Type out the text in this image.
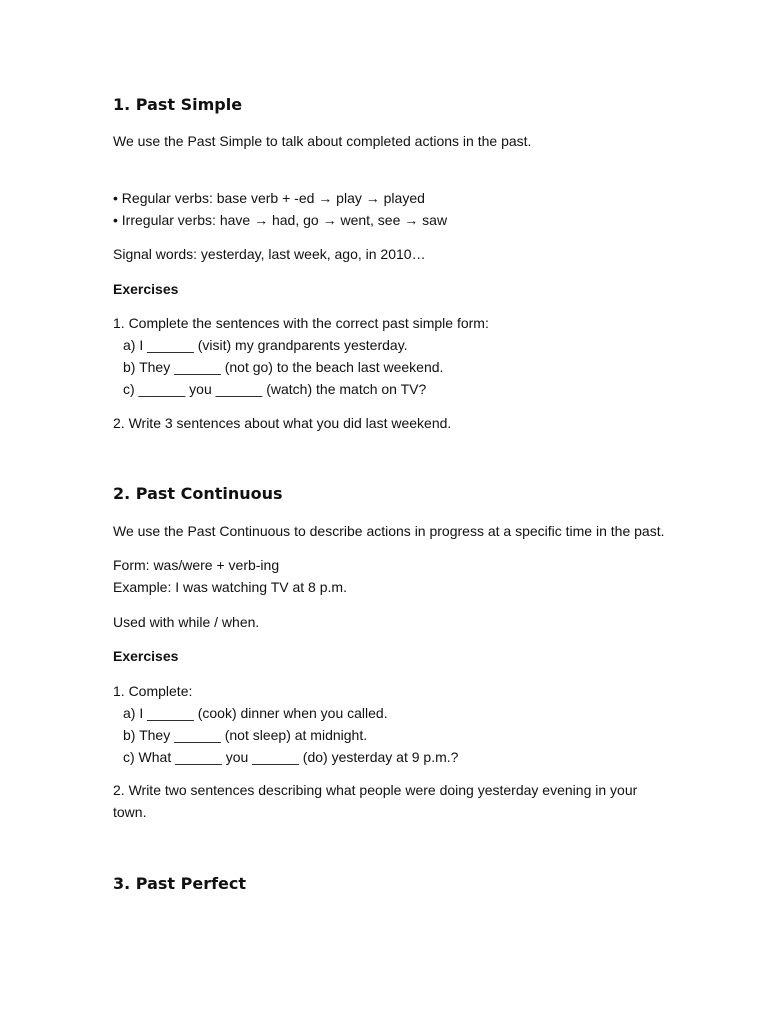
1. Past Simple

We use the Past Simple to talk about completed actions in the past.

• Regular verbs: base verb + -ed → play → played

• Irregular verbs: have → had, go → went, see → saw

Signal words: yesterday, last week, ago, in 2010…

Exercises

1. Complete the sentences with the correct past simple form:

a) I ______ (visit) my grandparents yesterday.

b) They ______ (not go) to the beach last weekend.

c) ______ you ______ (watch) the match on TV?

2. Write 3 sentences about what you did last weekend.

2. Past Continuous

We use the Past Continuous to describe actions in progress at a specific time in the past.

Form: was/were + verb-ing

Example: I was watching TV at 8 p.m.

Used with while / when.

Exercises

1. Complete:

a) I ______ (cook) dinner when you called.

b) They ______ (not sleep) at midnight.

c) What ______ you ______ (do) yesterday at 9 p.m.?

2. Write two sentences describing what people were doing yesterday evening in your town.

3. Past Perfect
